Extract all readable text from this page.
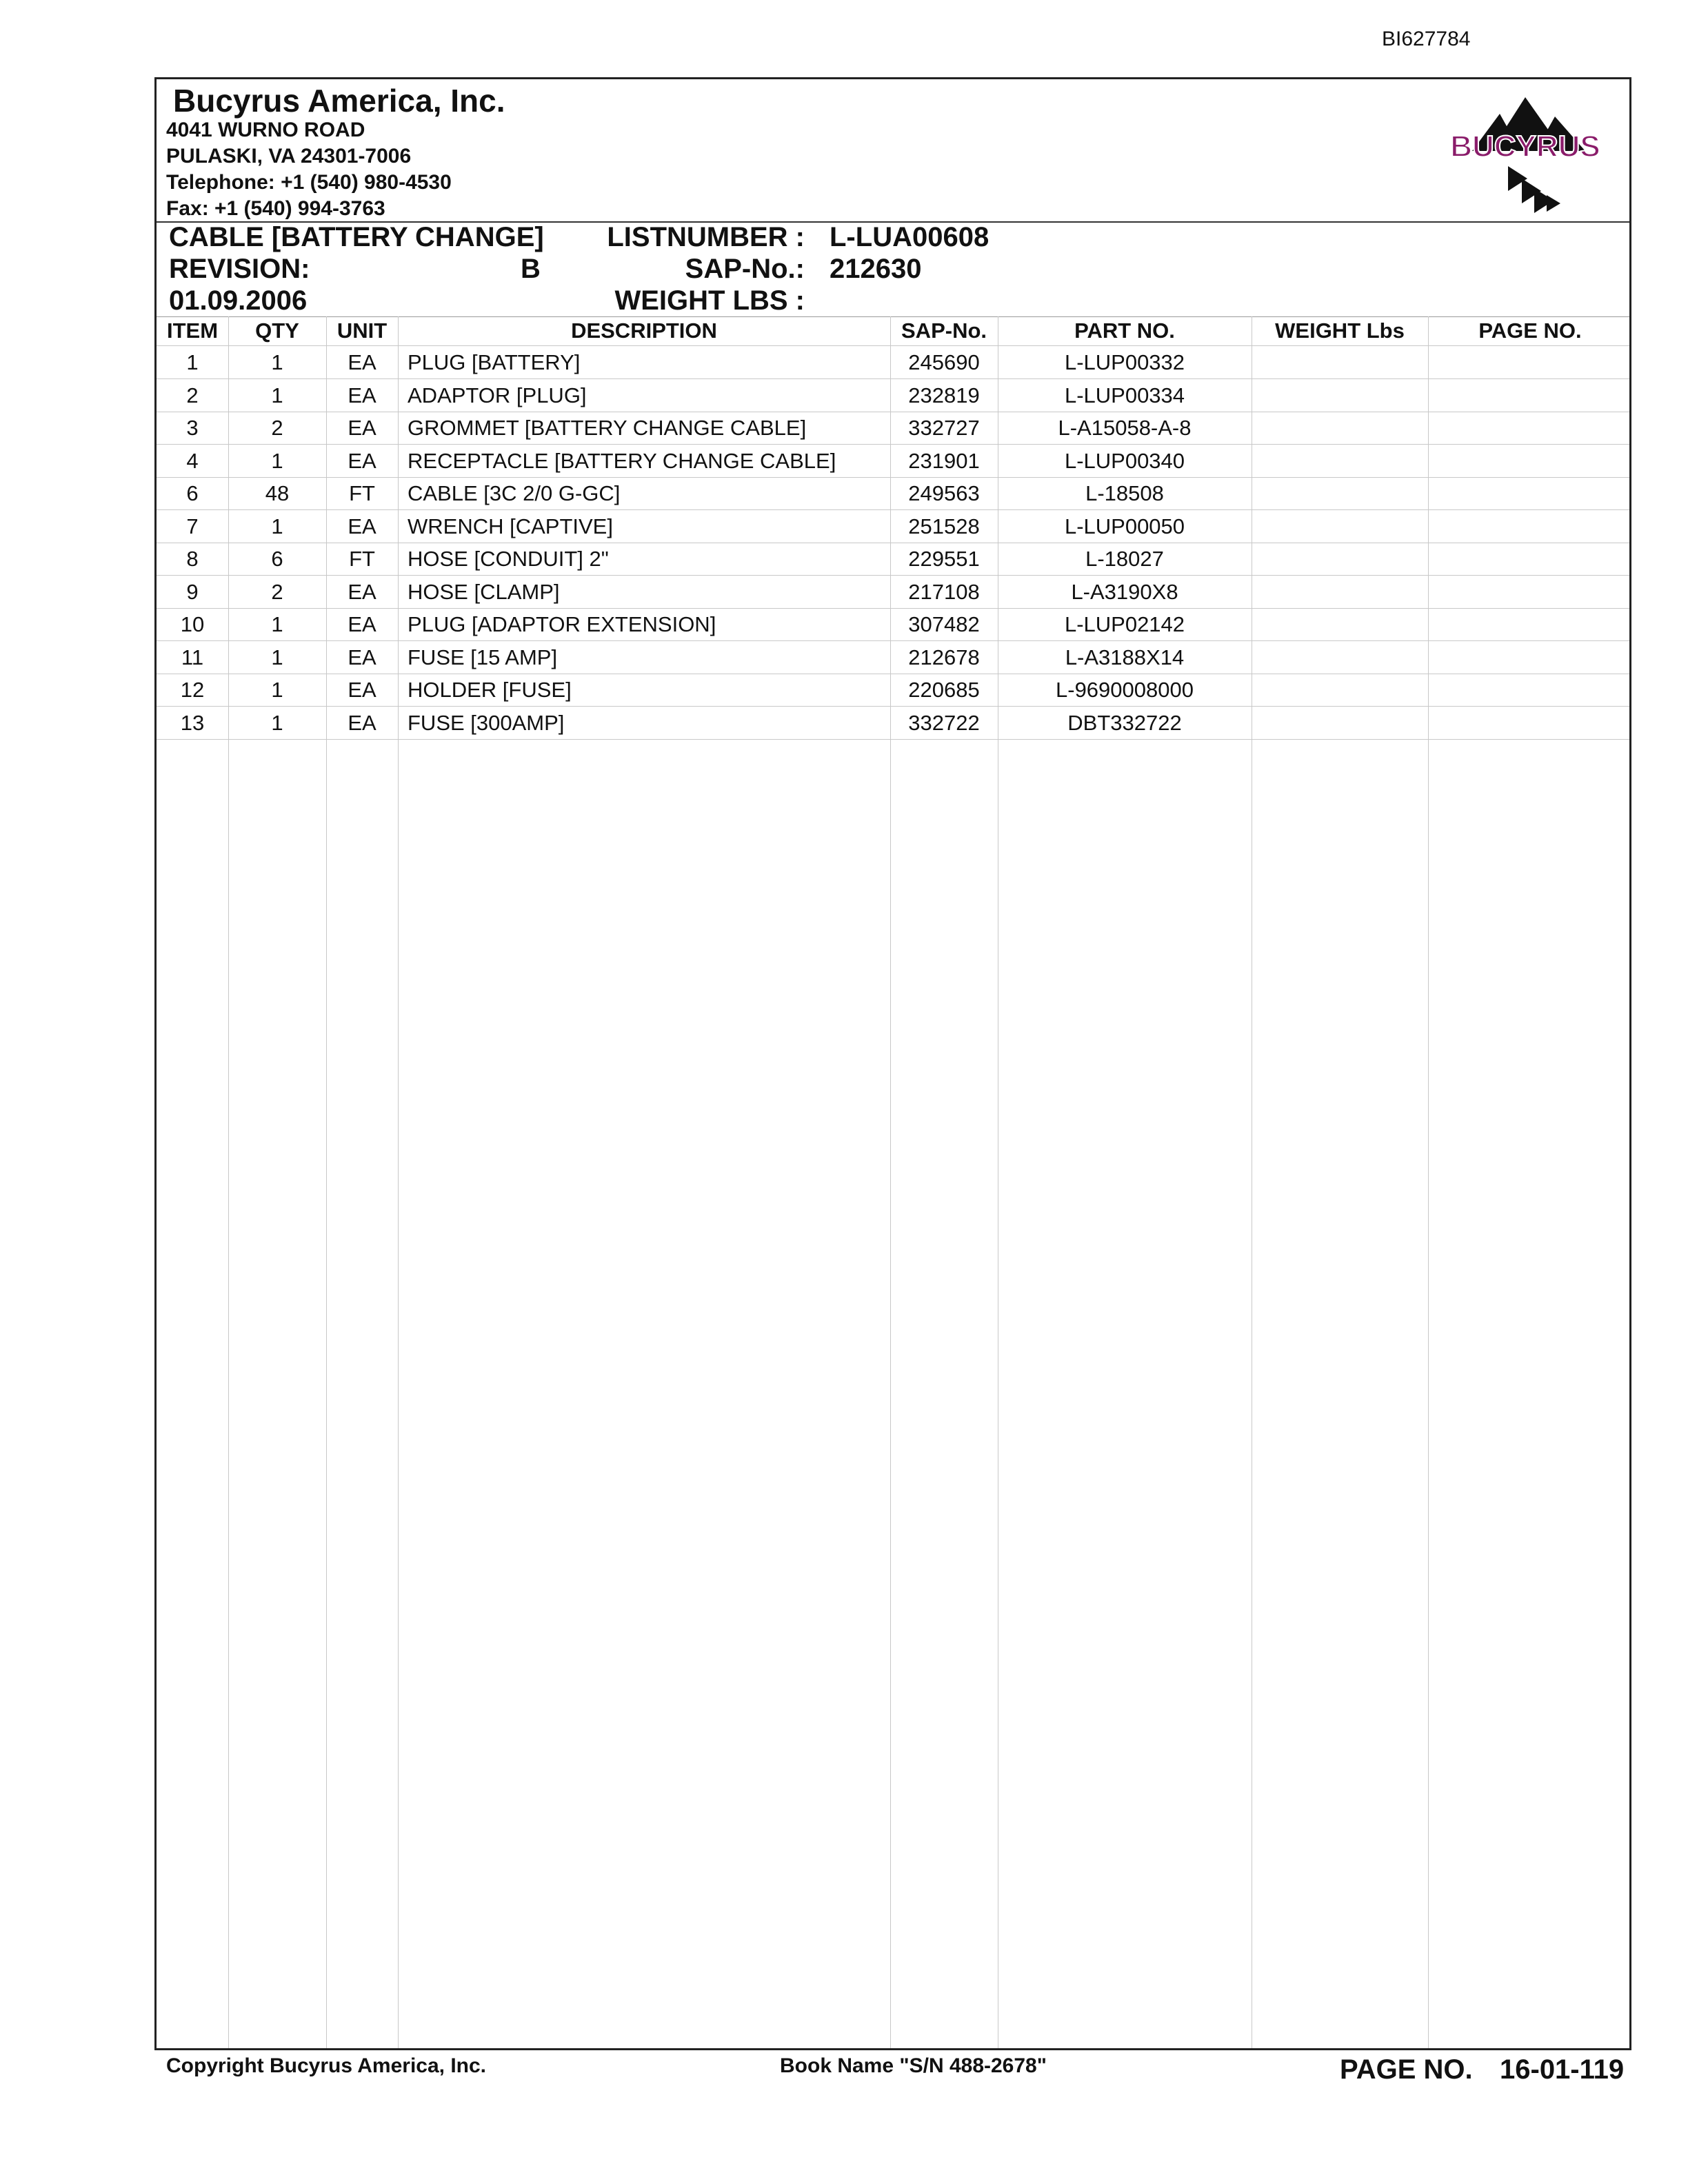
BI627784
Bucyrus America, Inc.
4041 WURNO ROAD
PULASKI, VA 24301-7006
Telephone: +1 (540) 980-4530
Fax: +1 (540) 994-3763
BUCYRUS
CABLE [BATTERY CHANGE]
REVISION:	B
01.09.2006
LISTNUMBER : L-LUA00608
SAP-No.: 212630
WEIGHT LBS :
ITEM	QTY	UNIT	DESCRIPTION	SAP-No.	PART NO.	WEIGHT Lbs	PAGE NO.
1	1	EA	PLUG [BATTERY]	245690	L-LUP00332
2	1	EA	ADAPTOR [PLUG]	232819	L-LUP00334
3	2	EA	GROMMET [BATTERY CHANGE CABLE]	332727	L-A15058-A-8
4	1	EA	RECEPTACLE [BATTERY CHANGE CABLE]	231901	L-LUP00340
6	48	FT	CABLE [3C 2/0 G-GC]	249563	L-18508
7	1	EA	WRENCH [CAPTIVE]	251528	L-LUP00050
8	6	FT	HOSE [CONDUIT] 2"	229551	L-18027
9	2	EA	HOSE [CLAMP]	217108	L-A3190X8
10	1	EA	PLUG [ADAPTOR EXTENSION]	307482	L-LUP02142
11	1	EA	FUSE [15 AMP]	212678	L-A3188X14
12	1	EA	HOLDER [FUSE]	220685	L-9690008000
13	1	EA	FUSE [300AMP]	332722	DBT332722
Copyright Bucyrus America, Inc.	Book Name "S/N 488-2678"	PAGE NO. 16-01-119
